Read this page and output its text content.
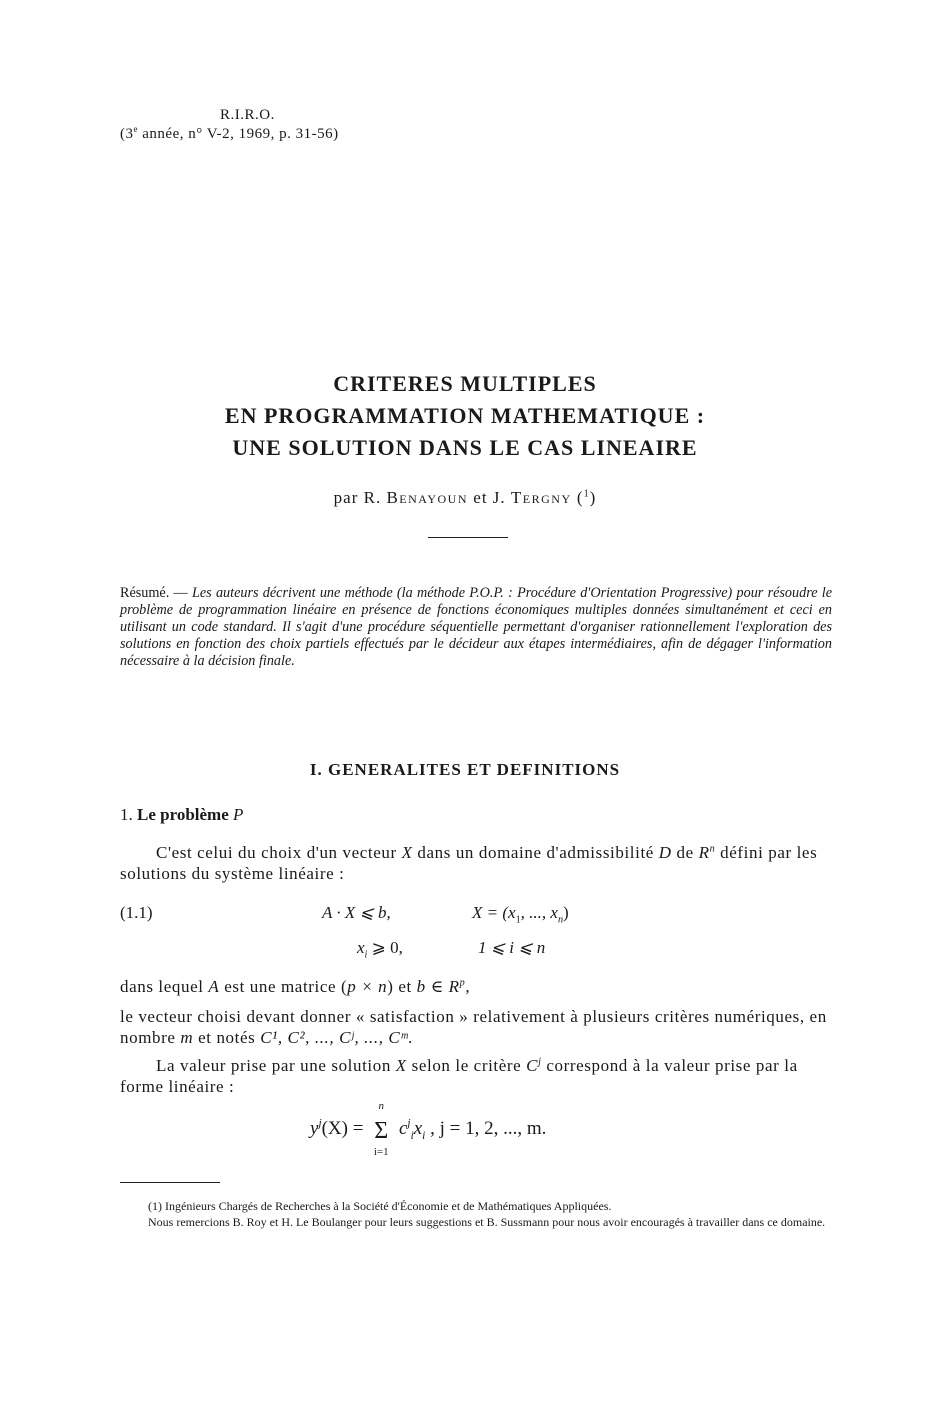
R.I.R.O.
(3e année, n° V-2, 1969, p. 31-56)
CRITERES MULTIPLES
EN PROGRAMMATION MATHEMATIQUE :
UNE SOLUTION DANS LE CAS LINEAIRE
par R. Benayoun et J. Tergny ($^1$)
Résumé. — Les auteurs décrivent une méthode (la méthode P.O.P. : Procédure d'Orientation Progressive) pour résoudre le problème de programmation linéaire en présence de fonctions économiques multiples données simultanément et ceci en utilisant un code standard. Il s'agit d'une procédure séquentielle permettant d'organiser rationnellement l'exploration des solutions en fonction des choix partiels effectués par le décideur aux étapes intermédiaires, afin de dégager l'information nécessaire à la décision finale.
I. GENERALITES ET DEFINITIONS
1. Le problème P
C'est celui du choix d'un vecteur X dans un domaine d'admissibilité D de $R^n$ défini par les solutions du système linéaire :
(1.1)	A · X ⩽ b,	$X = (x_1$, ..., $x_n$)
$x_i$ ⩾ 0,	1 ⩽ i ⩽ n
dans lequel A est une matrice (p × n) et b ∈ $R^p$,
le vecteur choisi devant donner « satisfaction » relativement à plusieurs critères numériques, en nombre m et notés C¹, C², ..., Cʲ, ..., Cᵐ.
La valeur prise par une solution X selon le critère $C^j$ correspond à la valeur prise par la forme linéaire :
$y^j(X)$ =
n
Σ
i=1
$c^j_ix_i$ , j = 1, 2, ..., m.
(1) Ingénieurs Chargés de Recherches à la Société d'Économie et de Mathématiques Appliquées.
Nous remercions B. Roy et H. Le Boulanger pour leurs suggestions et B. Sussmann pour nous avoir encouragés à travailler dans ce domaine.
